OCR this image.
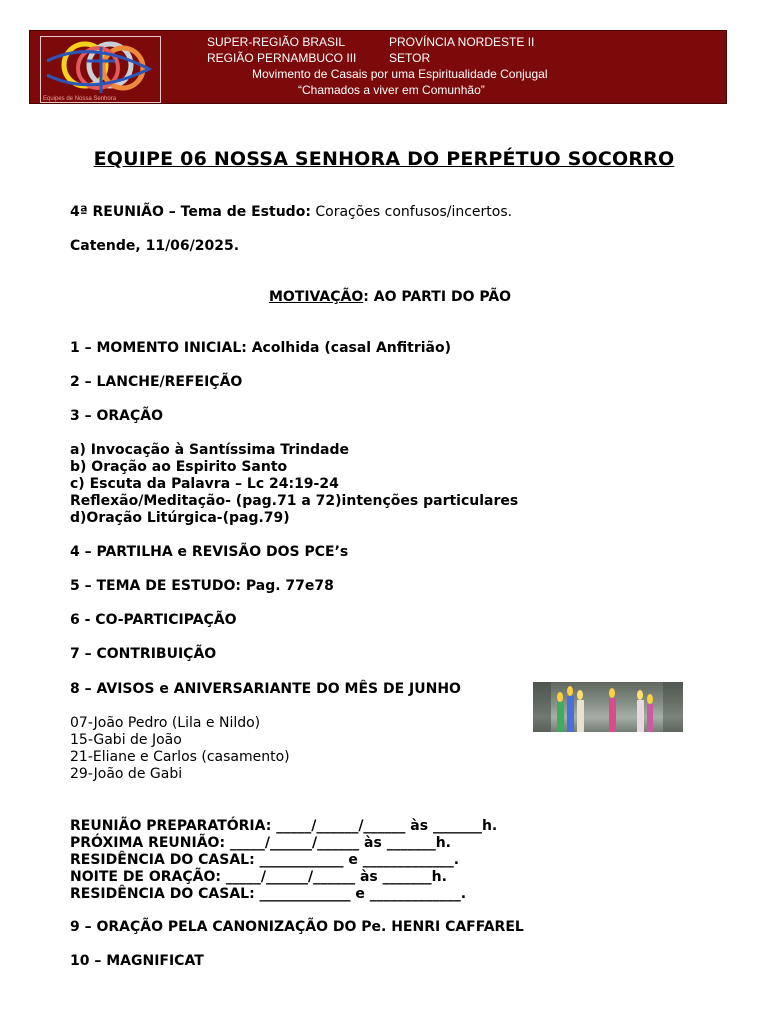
Equipes de Nossa Senhora
SUPER-REGIÃO BRASIL	PROVÍNCIA NORDESTE II
REGIÃO PERNAMBUCO III	SETOR
Movimento de Casais por uma Espiritualidade Conjugal
“Chamados a viver em Comunhão”
EQUIPE 06 NOSSA SENHORA DO PERPÉTUO SOCORRO
4ª REUNIÃO – Tema de Estudo: Corações confusos/incertos.
Catende, 11/06/2025.
MOTIVAÇÃO: AO PARTI DO PÃO
1 – MOMENTO INICIAL: Acolhida (casal Anfitrião)
2 – LANCHE/REFEIÇÃO
3 – ORAÇÃO
a) Invocação à Santíssima Trindade
b) Oração ao Espirito Santo
c) Escuta da Palavra – Lc 24:19-24
Reflexão/Meditação- (pag.71 a 72)intenções particulares
d)Oração Litúrgica-(pag.79)
4 – PARTILHA e REVISÃO DOS PCE’s
5 – TEMA DE ESTUDO: Pag. 77e78
6 - CO-PARTICIPAÇÃO
7 – CONTRIBUIÇÃO
8 – AVISOS e ANIVERSARIANTE DO MÊS DE JUNHO
07-João Pedro (Lila e Nildo)
15-Gabi de João
21-Eliane e Carlos (casamento)
29-João de Gabi
REUNIÃO PREPARATÓRIA: _____/______/______ às _______h.
PRÓXIMA REUNIÃO: _____/______/______ às _______h.
RESIDÊNCIA DO CASAL: ____________ e _____________.
NOITE DE ORAÇÃO: _____/______/______ às _______h.
RESIDÊNCIA DO CASAL: _____________ e _____________.
9 – ORAÇÃO PELA CANONIZAÇÃO DO Pe. HENRI CAFFAREL
10 – MAGNIFICAT
